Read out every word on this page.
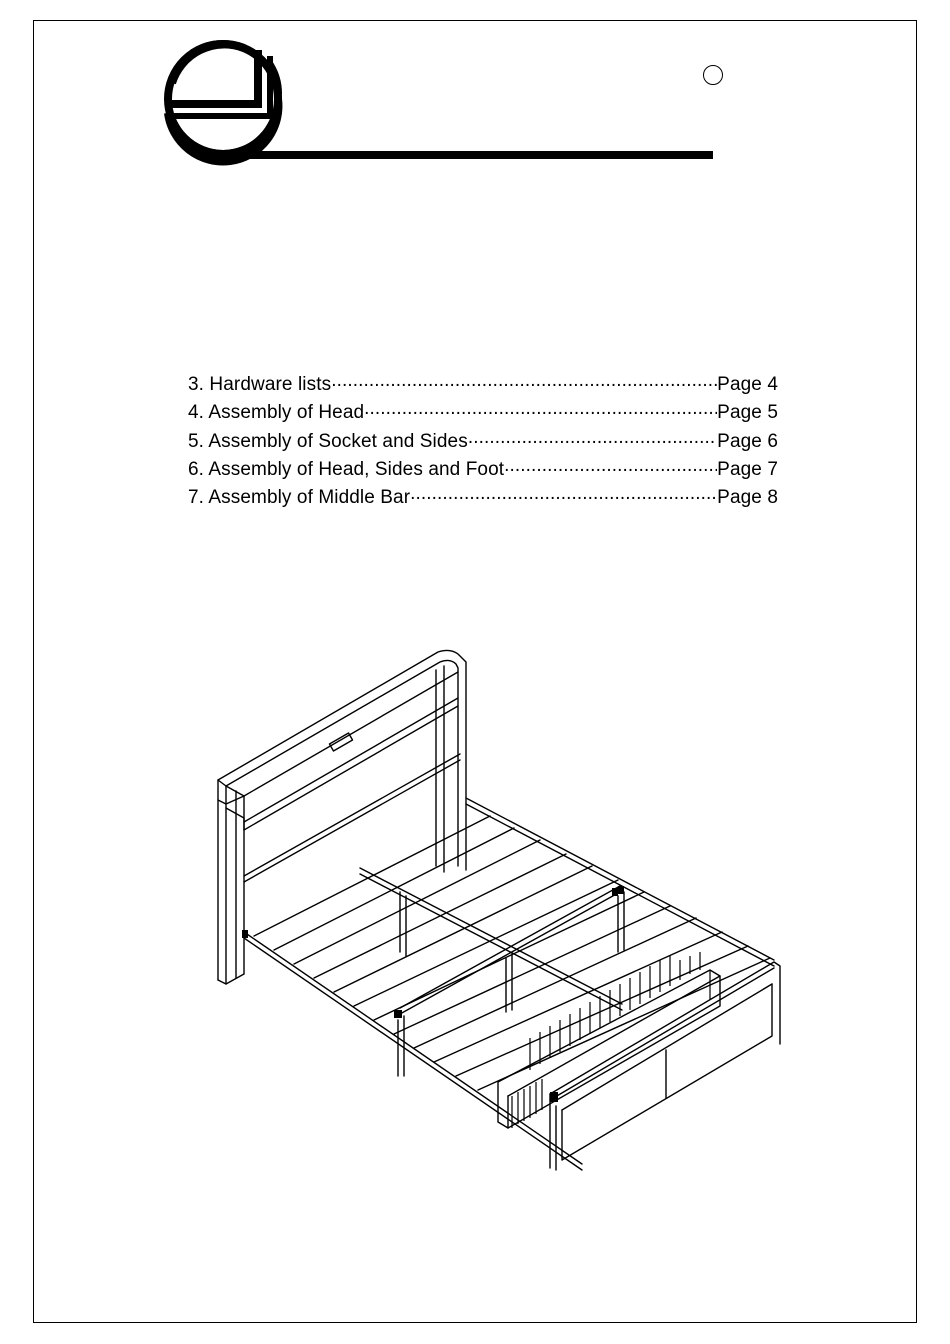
3. Hardware lists .....	Page 4
4. Assembly of Head .....	Page 5
5. Assembly of Socket and Sides .....	Page 6
6. Assembly of Head, Sides and Foot .....	Page 7
7. Assembly of Middle Bar .....	Page 8
